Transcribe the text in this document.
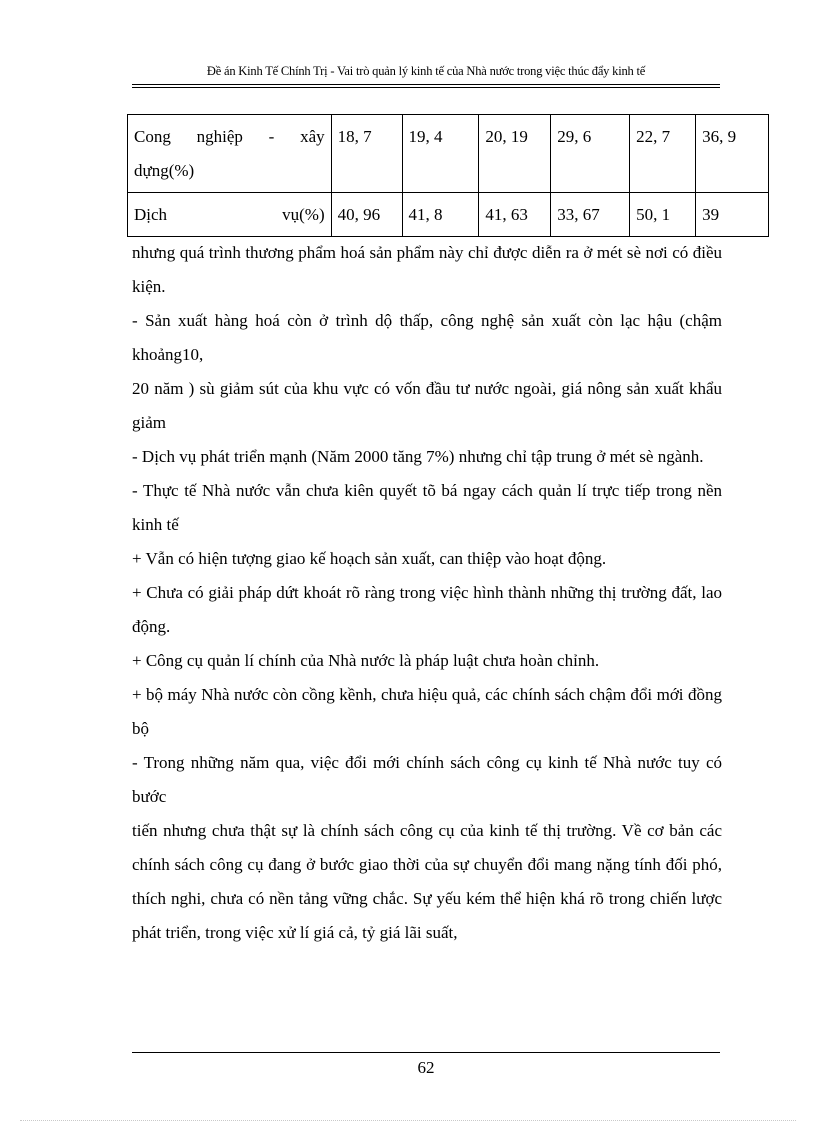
Đề án Kinh Tế Chính Trị - Vai trò quản lý kinh tế của Nhà nước trong việc thúc đẩy kinh tế
Cong nghiệp - xây
dựng(%)	18, 7	19, 4	20, 19	29, 6	22, 7	36, 9
Dịch vụ(%)	40, 96	41, 8	41, 63	33, 67	50, 1	39

nhưng quá trình thương phẩm hoá sản phẩm này chỉ được diễn ra ở mét sè nơi có điều kiện.

- Sản xuất hàng hoá còn ở trình dộ thấp, công nghệ sản xuất còn lạc hậu (chậm khoảng10,

20 năm ) sù giảm sút của khu vực có vốn đầu tư nước ngoài, giá nông sản xuất khẩu giảm

- Dịch vụ phát triển mạnh (Năm 2000 tăng 7%) nhưng chỉ tập trung ở mét sè ngành.

- Thực tế Nhà nước vẫn chưa kiên quyết tõ bá ngay cách quản lí trực tiếp trong nền kinh tế

+ Vẫn có hiện tượng giao kế hoạch sản xuất, can thiệp vào hoạt động.

+ Chưa có giải pháp dứt khoát rõ ràng trong việc hình thành những thị trường đất, lao động.

+ Công cụ quản lí chính của Nhà nước là pháp luật chưa hoàn chỉnh.

+ bộ máy Nhà nước còn cồng kềnh, chưa hiệu quả, các chính sách chậm đổi mới đồng bộ

- Trong những năm qua, việc đổi mới chính sách công cụ kinh tế Nhà nước tuy có bước

tiến nhưng chưa thật sự là chính sách công cụ của kinh tế thị trường. Về cơ bản các chính sách công cụ đang ở bước giao thời của sự chuyển đổi mang nặng tính đối phó, thích nghi, chưa có nền tảng vững chắc. Sự yếu kém thể hiện khá rõ trong chiến lược phát triển, trong việc xử lí giá cả, tỷ giá lãi suất,

62
